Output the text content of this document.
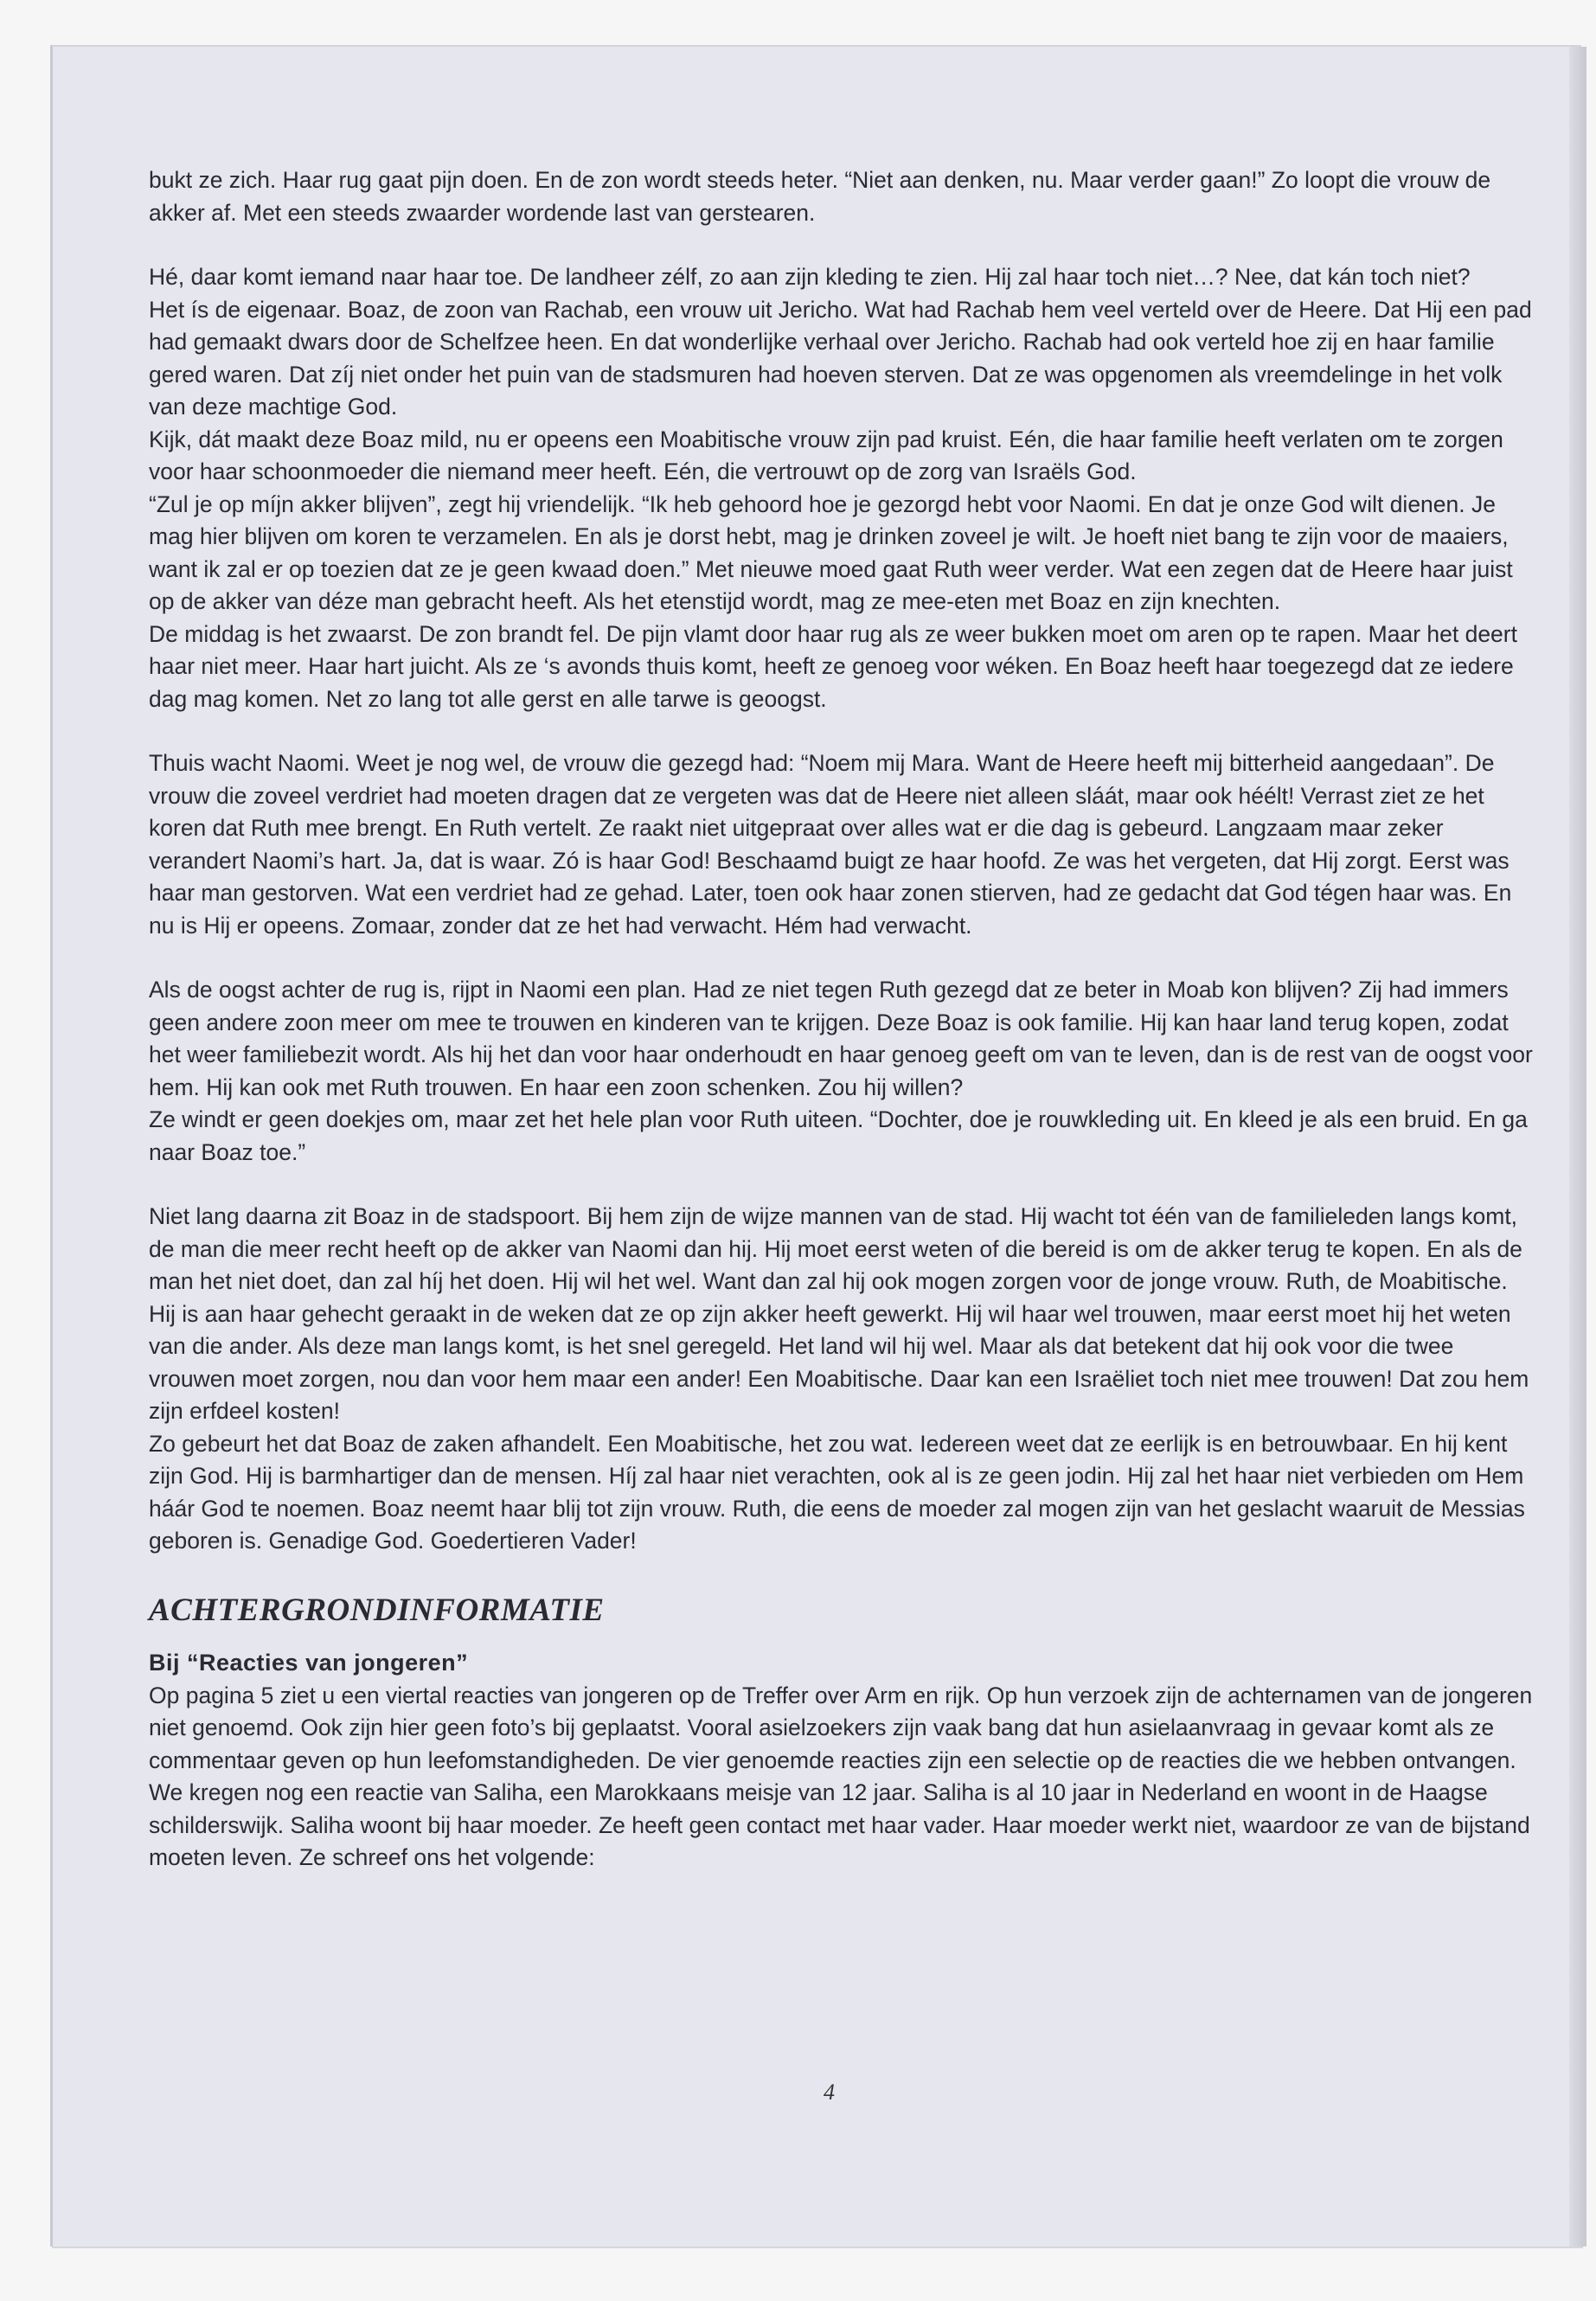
bukt ze zich. Haar rug gaat pijn doen. En de zon wordt steeds heter. “Niet aan denken, nu. Maar verder gaan!” Zo loopt die vrouw de akker af. Met een steeds zwaarder wordende last van gerstearen.

Hé, daar komt iemand naar haar toe. De landheer zélf, zo aan zijn kleding te zien. Hij zal haar toch niet…? Nee, dat kán toch niet?

Het ís de eigenaar. Boaz, de zoon van Rachab, een vrouw uit Jericho. Wat had Rachab hem veel verteld over de Heere. Dat Hij een pad had gemaakt dwars door de Schelfzee heen. En dat wonderlijke verhaal over Jericho. Rachab had ook verteld hoe zij en haar familie gered waren. Dat zíj niet onder het puin van de stadsmuren had hoeven sterven. Dat ze was opgenomen als vreemdelinge in het volk van deze machtige God.

Kijk, dát maakt deze Boaz mild, nu er opeens een Moabitische vrouw zijn pad kruist. Eén, die haar familie heeft verlaten om te zorgen voor haar schoonmoeder die niemand meer heeft. Eén, die vertrouwt op de zorg van Israëls God.

“Zul je op míjn akker blijven”, zegt hij vriendelijk. “Ik heb gehoord hoe je gezorgd hebt voor Naomi. En dat je onze God wilt dienen. Je mag hier blijven om koren te verzamelen. En als je dorst hebt, mag je drinken zoveel je wilt. Je hoeft niet bang te zijn voor de maaiers, want ik zal er op toezien dat ze je geen kwaad doen.” Met nieuwe moed gaat Ruth weer verder. Wat een zegen dat de Heere haar juist op de akker van déze man gebracht heeft. Als het etenstijd wordt, mag ze mee-eten met Boaz en zijn knechten.

De middag is het zwaarst. De zon brandt fel. De pijn vlamt door haar rug als ze weer bukken moet om aren op te rapen. Maar het deert haar niet meer. Haar hart juicht. Als ze ‘s avonds thuis komt, heeft ze genoeg voor wéken. En Boaz heeft haar toegezegd dat ze iedere dag mag komen. Net zo lang tot alle gerst en alle tarwe is geoogst.

Thuis wacht Naomi. Weet je nog wel, de vrouw die gezegd had: “Noem mij Mara. Want de Heere heeft mij bitterheid aangedaan”. De vrouw die zoveel verdriet had moeten dragen dat ze vergeten was dat de Heere niet alleen sláát, maar ook héélt! Verrast ziet ze het koren dat Ruth mee brengt. En Ruth vertelt. Ze raakt niet uitgepraat over alles wat er die dag is gebeurd. Langzaam maar zeker verandert Naomi’s hart. Ja, dat is waar. Zó is haar God! Beschaamd buigt ze haar hoofd. Ze was het vergeten, dat Hij zorgt. Eerst was haar man gestorven. Wat een verdriet had ze gehad. Later, toen ook haar zonen stierven, had ze gedacht dat God tégen haar was. En nu is Hij er opeens. Zomaar, zonder dat ze het had verwacht. Hém had verwacht.

Als de oogst achter de rug is, rijpt in Naomi een plan. Had ze niet tegen Ruth gezegd dat ze beter in Moab kon blijven? Zij had immers geen andere zoon meer om mee te trouwen en kinderen van te krijgen. Deze Boaz is ook familie. Hij kan haar land terug kopen, zodat het weer familiebezit wordt. Als hij het dan voor haar onderhoudt en haar genoeg geeft om van te leven, dan is de rest van de oogst voor hem. Hij kan ook met Ruth trouwen. En haar een zoon schenken. Zou hij willen?

Ze windt er geen doekjes om, maar zet het hele plan voor Ruth uiteen. “Dochter, doe je rouwkleding uit. En kleed je als een bruid. En ga naar Boaz toe.”

Niet lang daarna zit Boaz in de stadspoort. Bij hem zijn de wijze mannen van de stad. Hij wacht tot één van de familieleden langs komt, de man die meer recht heeft op de akker van Naomi dan hij. Hij moet eerst weten of die bereid is om de akker terug te kopen. En als de man het niet doet, dan zal híj het doen. Hij wil het wel. Want dan zal hij ook mogen zorgen voor de jonge vrouw. Ruth, de Moabitische. Hij is aan haar gehecht geraakt in de weken dat ze op zijn akker heeft gewerkt. Hij wil haar wel trouwen, maar eerst moet hij het weten van die ander. Als deze man langs komt, is het snel geregeld. Het land wil hij wel. Maar als dat betekent dat hij ook voor die twee vrouwen moet zorgen, nou dan voor hem maar een ander! Een Moabitische. Daar kan een Israëliet toch niet mee trouwen! Dat zou hem zijn erfdeel kosten!

Zo gebeurt het dat Boaz de zaken afhandelt. Een Moabitische, het zou wat. Iedereen weet dat ze eerlijk is en betrouwbaar. En hij kent zijn God. Hij is barmhartiger dan de mensen. Híj zal haar niet verachten, ook al is ze geen jodin. Hij zal het haar niet verbieden om Hem háár God te noemen. Boaz neemt haar blij tot zijn vrouw. Ruth, die eens de moeder zal mogen zijn van het geslacht waaruit de Messias geboren is. Genadige God. Goedertieren Vader!

ACHTERGRONDINFORMATIE

Bij “Reacties van jongeren”

Op pagina 5 ziet u een viertal reacties van jongeren op de Treffer over Arm en rijk. Op hun verzoek zijn de achternamen van de jongeren niet genoemd. Ook zijn hier geen foto’s bij geplaatst. Vooral asielzoekers zijn vaak bang dat hun asielaanvraag in gevaar komt als ze commentaar geven op hun leefomstandigheden. De vier genoemde reacties zijn een selectie op de reacties die we hebben ontvangen.

We kregen nog een reactie van Saliha, een Marokkaans meisje van 12 jaar. Saliha is al 10 jaar in Nederland en woont in de Haagse schilderswijk. Saliha woont bij haar moeder. Ze heeft geen contact met haar vader. Haar moeder werkt niet, waardoor ze van de bijstand moeten leven. Ze schreef ons het volgende:

4
